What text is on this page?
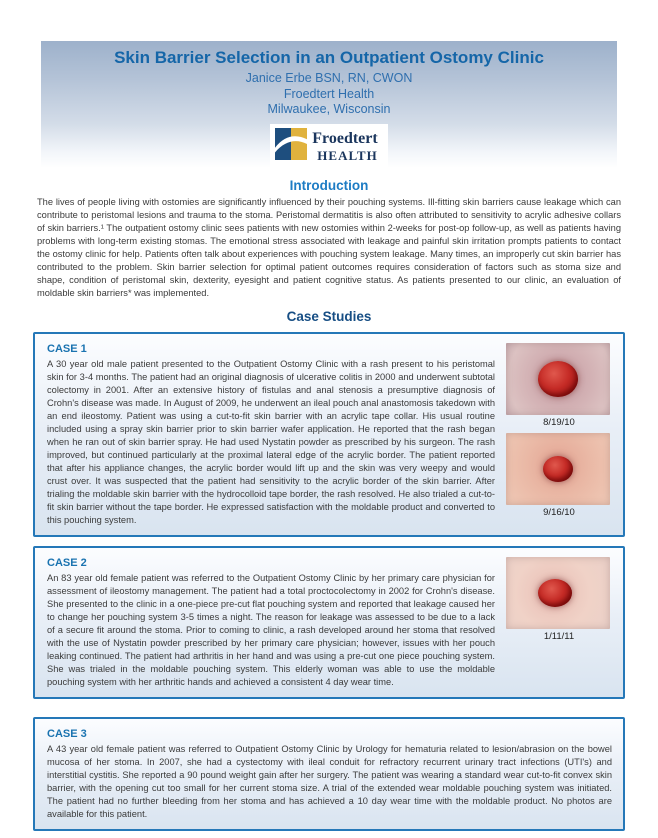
Skin Barrier Selection in an Outpatient Ostomy Clinic
Janice Erbe BSN, RN, CWON
Froedtert Health
Milwaukee, Wisconsin
Froedtert
HEALTH
Introduction

The lives of people living with ostomies are significantly influenced by their pouching systems. Ill-fitting skin barriers cause leakage which can contribute to peristomal lesions and trauma to the stoma. Peristomal dermatitis is also often attributed to sensitivity to acrylic adhesive collars of skin barriers.¹ The outpatient ostomy clinic sees patients with new ostomies within 2-weeks for post-op follow-up, as well as patients having problems with long-term existing stomas. The emotional stress associated with leakage and painful skin irritation prompts patients to contact the ostomy clinic for help. Patients often talk about experiences with pouching system leakage. Many times, an improperly cut skin barrier has contributed to the problem. Skin barrier selection for optimal patient outcomes requires consideration of factors such as stoma size and shape, condition of peristomal skin, dexterity, eyesight and patient cognitive status. As patients presented to our clinic, an evaluation of moldable skin barriers* was implemented.

Case Studies
CASE 1

A 30 year old male patient presented to the Outpatient Ostomy Clinic with a rash present to his peristomal skin for 3-4 months. The patient had an original diagnosis of ulcerative colitis in 2000 and underwent subtotal colectomy in 2001. After an extensive history of fistulas and anal stenosis a presumptive diagnosis of Crohn's disease was made. In August of 2009, he underwent an ileal pouch anal anastomosis takedown with an end ileostomy. Patient was using a cut-to-fit skin barrier with an acrylic tape collar. His usual routine included using a spray skin barrier prior to skin barrier wafer application. He reported that the rash began when he ran out of skin barrier spray. He had used Nystatin powder as prescribed by his surgeon. The rash improved, but continued particularly at the proximal lateral edge of the acrylic border. The patient reported that after his appliance changes, the acrylic border would lift up and the skin was very weepy and would crust over. It was suspected that the patient had sensitivity to the acrylic border of the skin barrier. After trialing the moldable skin barrier with the hydrocolloid tape border, the rash resolved. He also trialed a cut-to-fit skin barrier without the tape border. He expressed satisfaction with the moldable product and converted to this pouching system.

8/19/10
9/16/10
CASE 2

An 83 year old female patient was referred to the Outpatient Ostomy Clinic by her primary care physician for assessment of ileostomy management. The patient had a total proctocolectomy in 2002 for Crohn's disease. She presented to the clinic in a one-piece pre-cut flat pouching system and reported that leakage caused her to change her pouching system 3-5 times a night. The reason for leakage was assessed to be due to a lack of a secure fit around the stoma. Prior to coming to clinic, a rash developed around her stoma that resolved with the use of Nystatin powder prescribed by her primary care physician; however, issues with her pouch leaking continued. The patient had arthritis in her hand and was using a pre-cut one piece pouching system. She was trialed in the moldable pouching system. This elderly woman was able to use the moldable pouching system with her arthritic hands and achieved a consistent 4 day wear time.

1/11/11
CASE 3

A 43 year old female patient was referred to Outpatient Ostomy Clinic by Urology for hematuria related to lesion/abrasion on the bowel mucosa of her stoma. In 2007, she had a cystectomy with ileal conduit for refractory recurrent urinary tract infections (UTI's) and interstitial cystitis. She reported a 90 pound weight gain after her surgery. The patient was wearing a standard wear cut-to-fit convex skin barrier, with the opening cut too small for her current stoma size. A trial of the extended wear moldable pouching system was initiated. The patient had no further bleeding from her stoma and has achieved a 10 day wear time with the moldable product. No photos are available for this patient.
